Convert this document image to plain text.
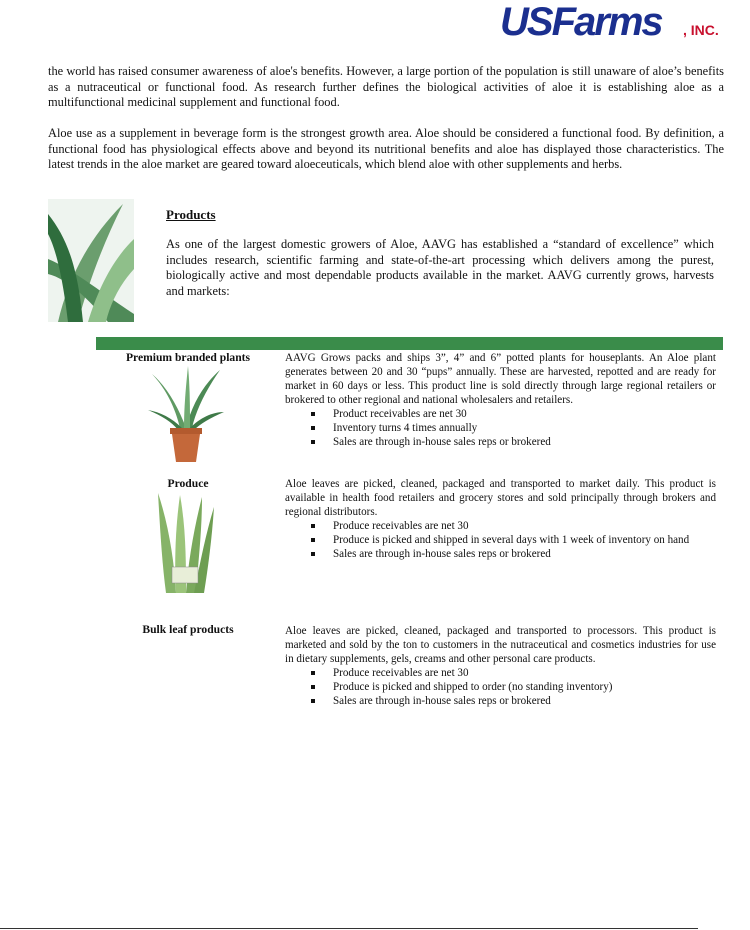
USFarms , INC.

the world has raised consumer awareness of aloe's benefits. However, a large portion of the population is still unaware of aloe’s benefits as a nutraceutical or functional food. As research further defines the biological activities of aloe it is establishing aloe as a multifunctional medicinal supplement and functional food.

Aloe use as a supplement in beverage form is the strongest growth area. Aloe should be considered a functional food. By definition, a functional food has physiological effects above and beyond its nutritional benefits and aloe has displayed those characteristics. The latest trends in the aloe market are geared toward aloeceuticals, which blend aloe with other supplements and herbs.

Products

As one of the largest domestic growers of Aloe, AAVG has established a “standard of excellence” which includes research, scientific farming and state-of-the-art processing which delivers among the purest, biologically active and most dependable products available in the market. AAVG currently grows, harvests and markets:

Premium branded plants	AAVG Grows packs and ships 3”, 4” and 6” potted plants for houseplants. An Aloe plant generates between 20 and 30 “pups” annually. These are harvested, repotted and are ready for market in 60 days or less. This product line is sold directly through large regional retailers or brokered to other regional and national wholesalers and retailers.
Product receivables are net 30
Inventory turns 4 times annually
Sales are through in-house sales reps or brokered

Produce	Aloe leaves are picked, cleaned, packaged and transported to market daily. This product is available in health food retailers and grocery stores and sold principally through brokers and regional distributors.
Produce receivables are net 30
Produce is picked and shipped in several days with 1 week of inventory on hand
Sales are through in-house sales reps or brokered

Bulk leaf products	Aloe leaves are picked, cleaned, packaged and transported to processors. This product is marketed and sold by the ton to customers in the nutraceutical and cosmetics industries for use in dietary supplements, gels, creams and other personal care products.
Produce receivables are net 30
Produce is picked and shipped to order (no standing inventory)
Sales are through in-house sales reps or brokered
